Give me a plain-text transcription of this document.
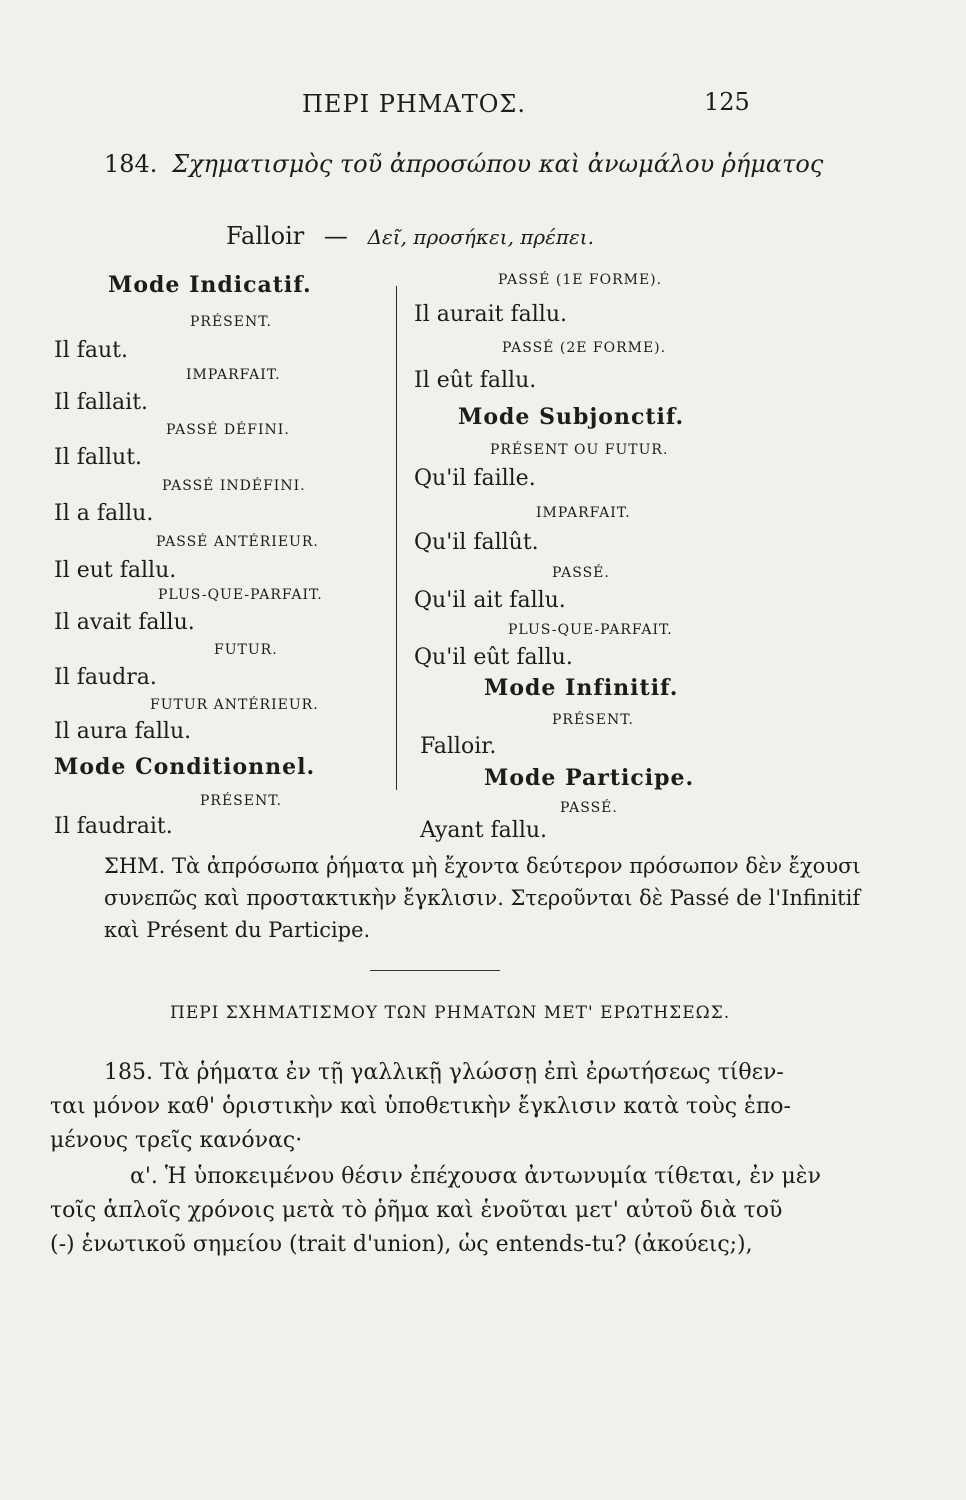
ΠΕΡΙ ΡΗΜΑΤΟΣ.	125
184. Σχηματισμὸς τοῦ ἀπροσώπου καὶ ἀνωμάλου ῥήματος
Falloir — Δεῖ, προσήκει, πρέπει.
Mode Indicatif.
PRÉSENT.
Il faut.
IMPARFAIT.
Il fallait.
PASSÉ DÉFINI.
Il fallut.
PASSÉ INDÉFINI.
Il a fallu.
PASSÉ ANTÉRIEUR.
Il eut fallu.
PLUS-QUE-PARFAIT.
Il avait fallu.
FUTUR.
Il faudra.
FUTUR ANTÉRIEUR.
Il aura fallu.
Mode Conditionnel.
PRÉSENT.
Il faudrait.
PASSÉ (1E FORME).
Il aurait fallu.
PASSÉ (2E FORME).
Il eût fallu.
Mode Subjonctif.
PRÉSENT OU FUTUR.
Qu'il faille.
IMPARFAIT.
Qu'il fallût.
PASSÉ.
Qu'il ait fallu.
PLUS-QUE-PARFAIT.
Qu'il eût fallu.
Mode Infinitif.
PRÉSENT.
Falloir.
Mode Participe.
PASSÉ.
Ayant fallu.
ΣΗΜ. Τὰ ἀπρόσωπα ῥήματα μὴ ἔχοντα δεύτερον πρόσωπον δὲν ἔχουσι
συνεπῶς καὶ προστακτικὴν ἔγκλισιν. Στεροῦνται δὲ Passé de l'Infinitif
καὶ Présent du Participe.
ΠΕΡΙ ΣΧΗΜΑΤΙΣΜΟΥ ΤΩΝ ΡΗΜΑΤΩΝ ΜΕΤ' ΕΡΩΤΗΣΕΩΣ.
185. Τὰ ῥήματα ἐν τῇ γαλλικῇ γλώσσῃ ἐπὶ ἐρωτήσεως τίθεν-
ται μόνον καθ' ὁριστικὴν καὶ ὑποθετικὴν ἔγκλισιν κατὰ τοὺς ἑπο-
μένους τρεῖς κανόνας·
α'. Ἡ ὑποκειμένου θέσιν ἐπέχουσα ἀντωνυμία τίθεται, ἐν μὲν
τοῖς ἁπλοῖς χρόνοις μετὰ τὸ ῥῆμα καὶ ἑνοῦται μετ' αὐτοῦ διὰ τοῦ
(-) ἑνωτικοῦ σημείου (trait d'union), ὡς entends-tu? (ἀκούεις;),
